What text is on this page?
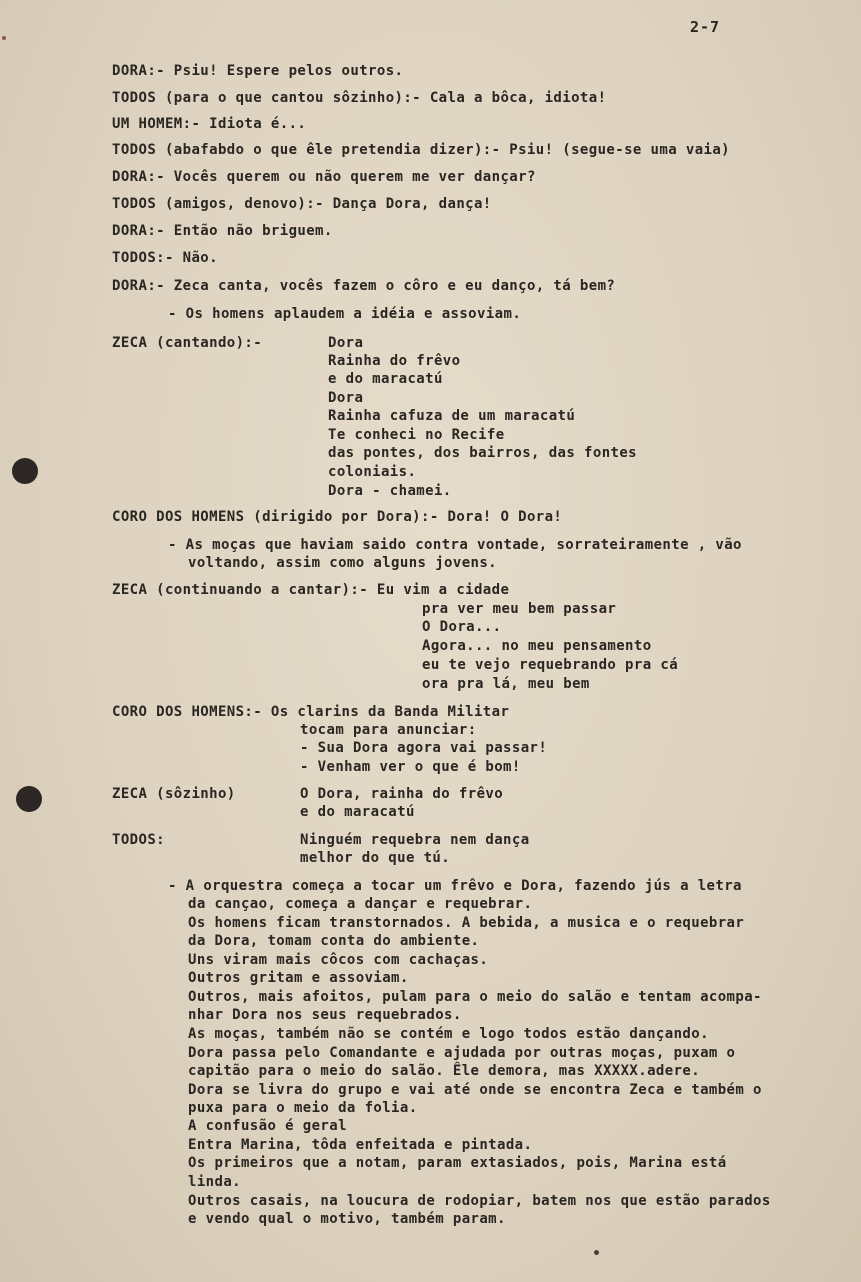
2-7
DORA:- Psiu! Espere pelos outros.
TODOS (para o que cantou sôzinho):- Cala a bôca, idiota!
UM HOMEM:- Idiota é...
TODOS (abafabdo o que êle pretendia dizer):- Psiu! (segue-se uma vaia)
DORA:- Vocês querem ou não querem me ver dançar?
TODOS (amigos, denovo):- Dança Dora, dança!
DORA:- Então não briguem.
TODOS:- Não.
DORA:- Zeca canta, vocês fazem o côro e eu danço, tá bem?
- Os homens aplaudem a idéia e assoviam.
ZECA (cantando):-	Dora
Rainha do frêvo
e do maracatú
Dora
Rainha cafuza de um maracatú
Te conheci no Recife
das pontes, dos bairros, das fontes
coloniais.
Dora - chamei.
CORO DOS HOMENS (dirigido por Dora):- Dora! O Dora!
- As moças que haviam saido contra vontade, sorrateiramente , vão
voltando, assim como alguns jovens.
ZECA (continuando a cantar):- Eu vim a cidade
pra ver meu bem passar
O Dora...
Agora... no meu pensamento
eu te vejo requebrando pra cá
ora pra lá, meu bem
CORO DOS HOMENS:- Os clarins da Banda Militar
tocam para anunciar:
- Sua Dora agora vai passar!
- Venham ver o que é bom!
ZECA (sôzinho)	O Dora, rainha do frêvo
e do maracatú
TODOS:	Ninguém requebra nem dança
melhor do que tú.
- A orquestra começa a tocar um frêvo e Dora, fazendo jús a letra
da cançao, começa a dançar e requebrar.
Os homens ficam transtornados. A bebida, a musica e o requebrar
da Dora, tomam conta do ambiente.
Uns viram mais côcos com cachaças.
Outros gritam e assoviam.
Outros, mais afoitos, pulam para o meio do salão e tentam acompa-
nhar Dora nos seus requebrados.
As moças, também não se contém e logo todos estão dançando.
Dora passa pelo Comandante e ajudada por outras moças, puxam o
capitão para o meio do salão. Êle demora, mas XXXXX.adere.
Dora se livra do grupo e vai até onde se encontra Zeca e também o
puxa para o meio da folia.
A confusão é geral
Entra Marina, tôda enfeitada e pintada.
Os primeiros que a notam, param extasiados, pois, Marina está
linda.
Outros casais, na loucura de rodopiar, batem nos que estão parados
e vendo qual o motivo, também param.
